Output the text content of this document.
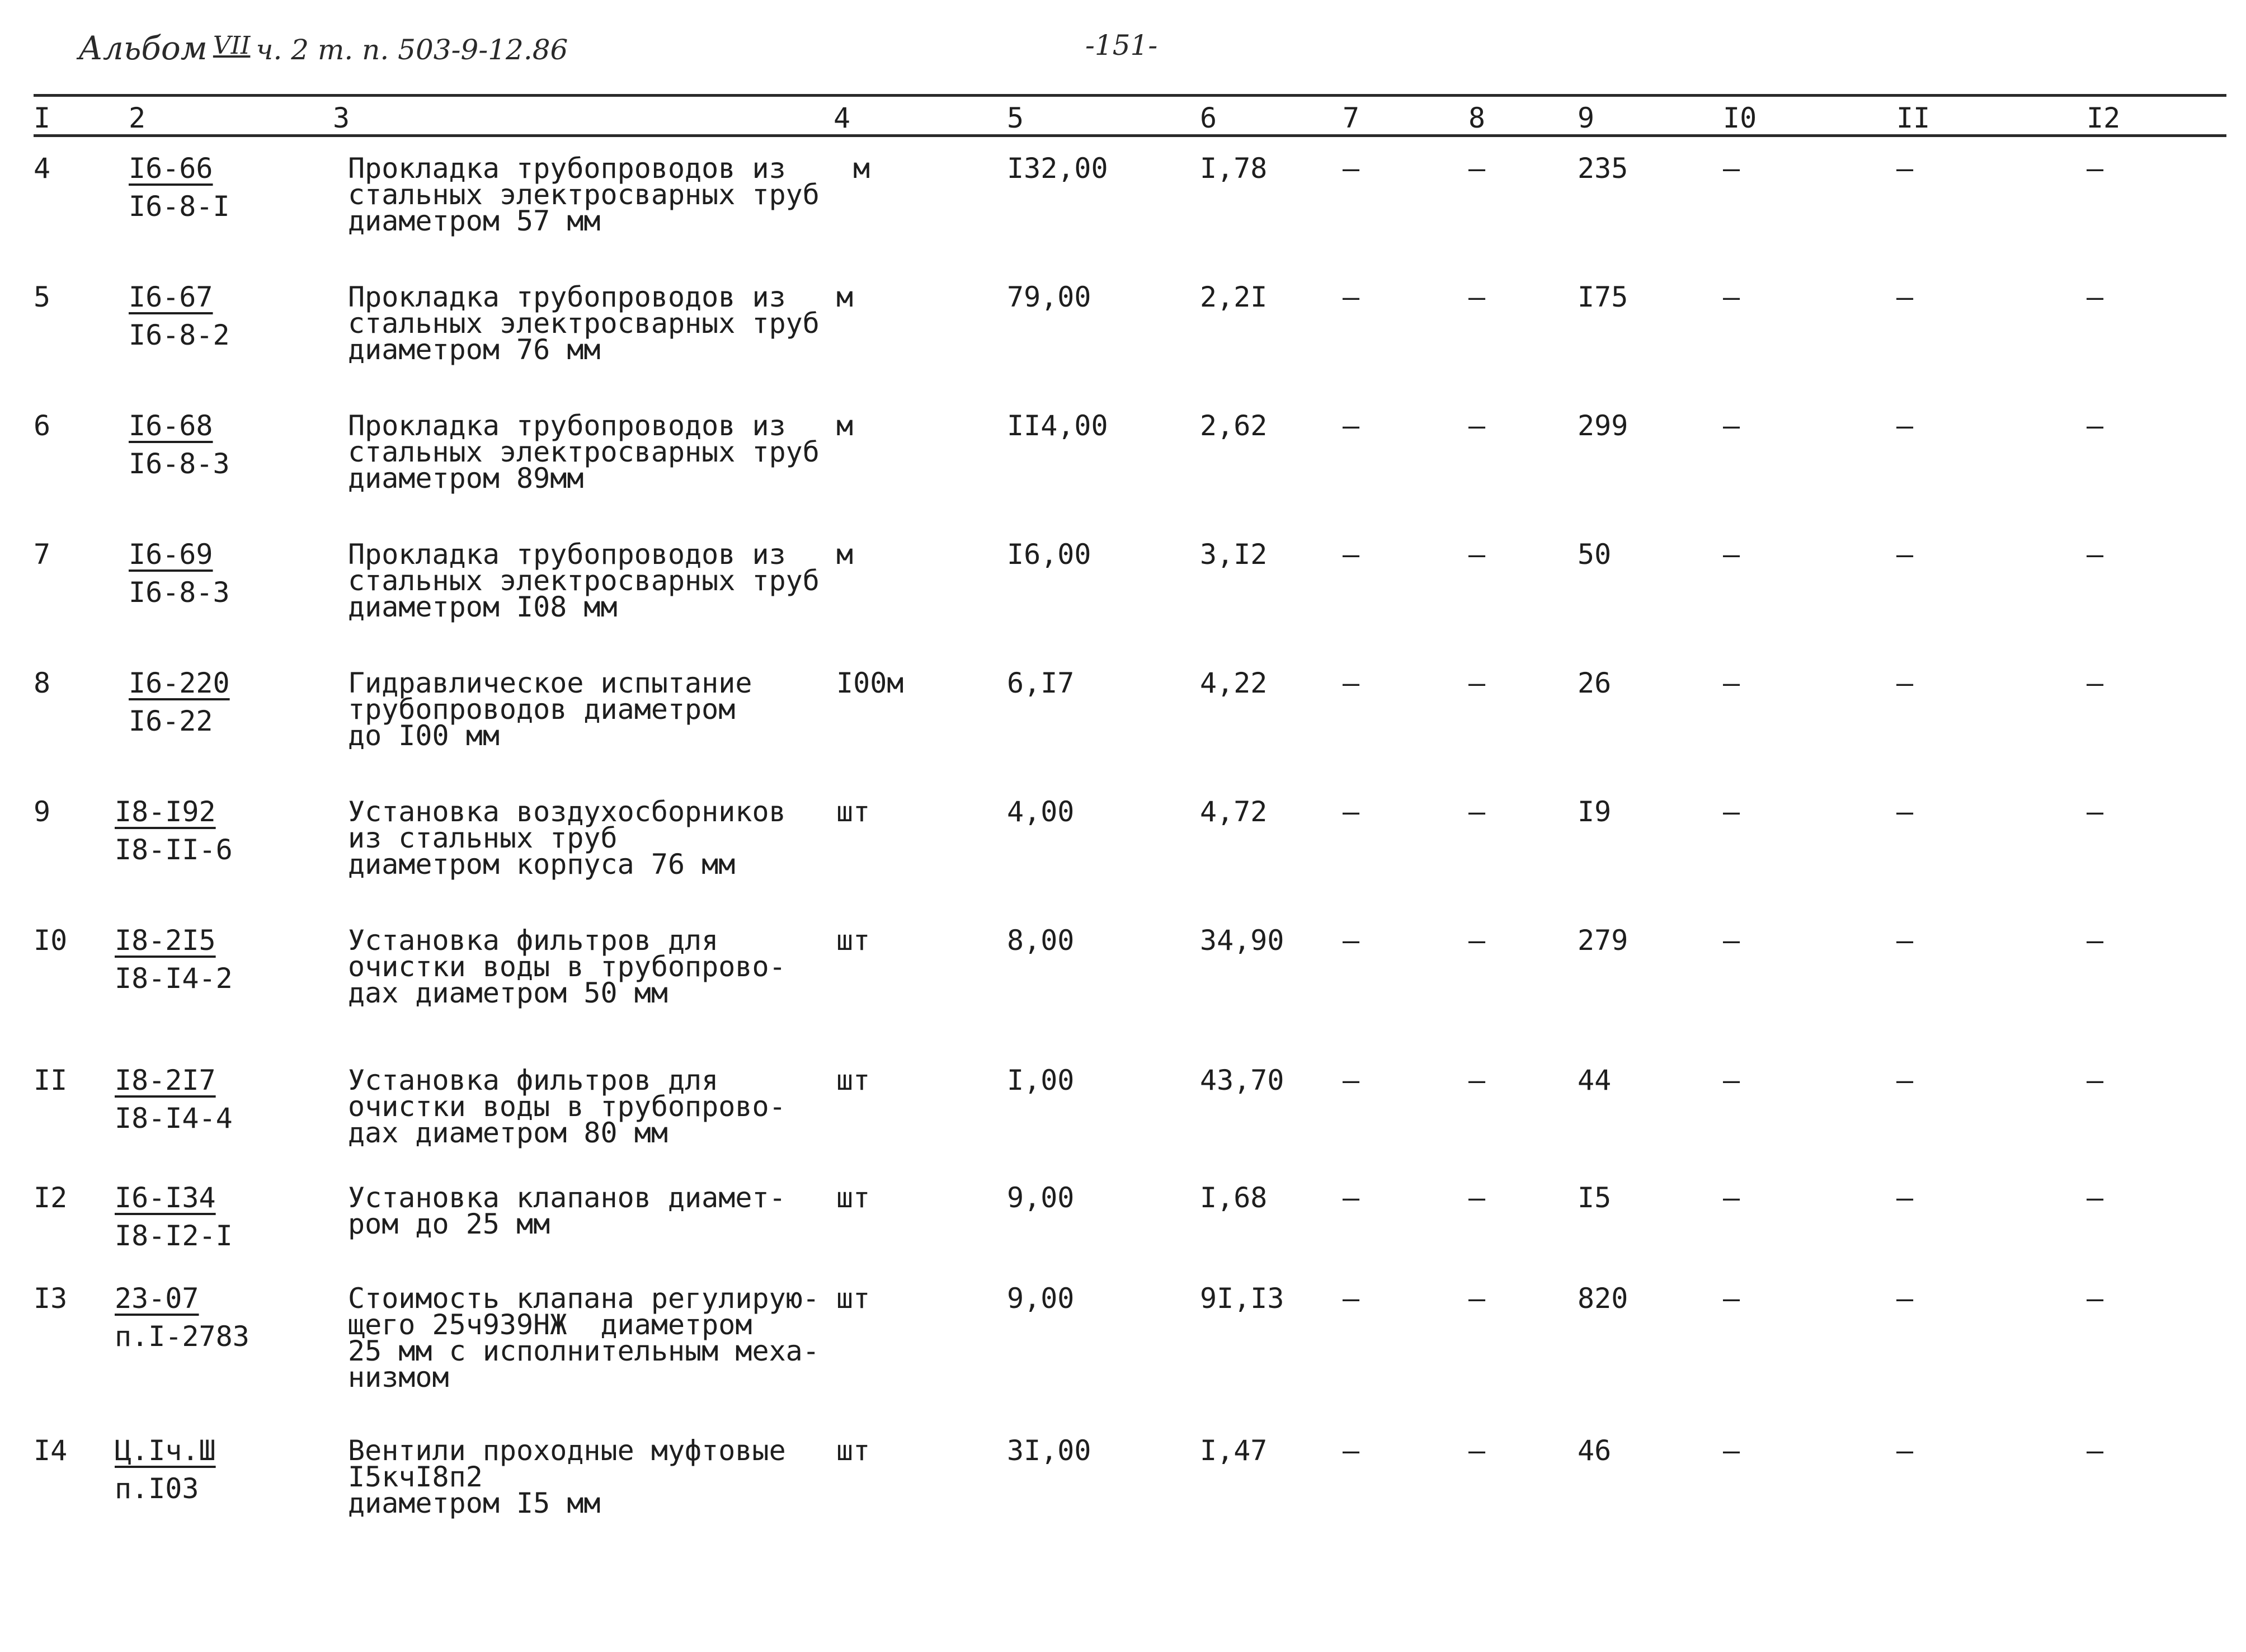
Альбом VII ч. 2 т. п. 503-9-12.86	-151-
I	2	3	4	5	6	7	8	9	I0	II	I2
4	I6-66
I6-8-I
Прокладка трубопроводов из
стальных электросварных труб
диаметром 57 мм
м	I32,00	I,78	–	–	235	–	–	–
5	I6-67
I6-8-2
Прокладка трубопроводов из
стальных электросварных труб
диаметром 76 мм
м	79,00	2,2I	–	–	I75	–	–	–
6	I6-68
I6-8-3
Прокладка трубопроводов из
стальных электросварных труб
диаметром 89мм
м	II4,00	2,62	–	–	299	–	–	–
7	I6-69
I6-8-3
Прокладка трубопроводов из
стальных электросварных труб
диаметром I08 мм
м	I6,00	3,I2	–	–	50	–	–	–
8	I6-220
I6-22
Гидравлическое испытание
трубопроводов диаметром
до I00 мм
I00м	6,I7	4,22	–	–	26	–	–	–
9 I8-I92
I8-II-6
Установка воздухосборников
из стальных труб
диаметром корпуса 76 мм
шт	4,00	4,72	–	–	I9	–	–	–
I0 I8-2I5
I8-I4-2
Установка фильтров для
очистки воды в трубопрово-
дах диаметром 50 мм
шт	8,00	34,90 –	–	279	–	–	–
II I8-2I7
I8-I4-4
Установка фильтров для
очистки воды в трубопрово-
дах диаметром 80 мм
шт	I,00	43,70 –	–	44	–	–	–
I2 I6-I34
I8-I2-I
Установка клапанов диамет-
ром до 25 мм
шт	9,00	I,68	–	–	I5	–	–	–
I3 23-07
п.I-2783
Стоимость клапана регулирую-
щего 25ч939НЖ  диаметром
25 мм с исполнительным меха-
низмом
шт	9,00	9I,I3 –	–	820	–	–	–
I4 Ц.Iч.Ш
п.I03
Вентили проходные муфтовые
I5кчI8п2
диаметром I5 мм
шт	3I,00	I,47	–	–	46	–	–	–
